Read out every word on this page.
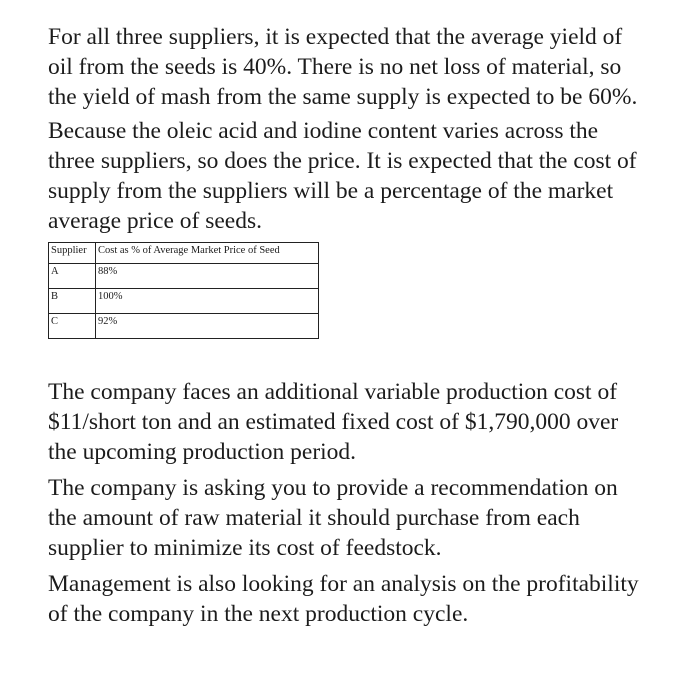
For all three suppliers, it is expected that the average yield of oil from the seeds is 40%. There is no net loss of material, so the yield of mash from the same supply is expected to be 60%.

Because the oleic acid and iodine content varies across the three suppliers, so does the price. It is expected that the cost of supply from the suppliers will be a percentage of the market average price of seeds.

Supplier	Cost as % of Average Market Price of Seed
A	88%
B	100%
C	92%

The company faces an additional variable production cost of $11/short ton and an estimated fixed cost of $1,790,000 over the upcoming production period.

The company is asking you to provide a recommendation on the amount of raw material it should purchase from each supplier to minimize its cost of feedstock.

Management is also looking for an analysis on the profitability of the company in the next production cycle.
